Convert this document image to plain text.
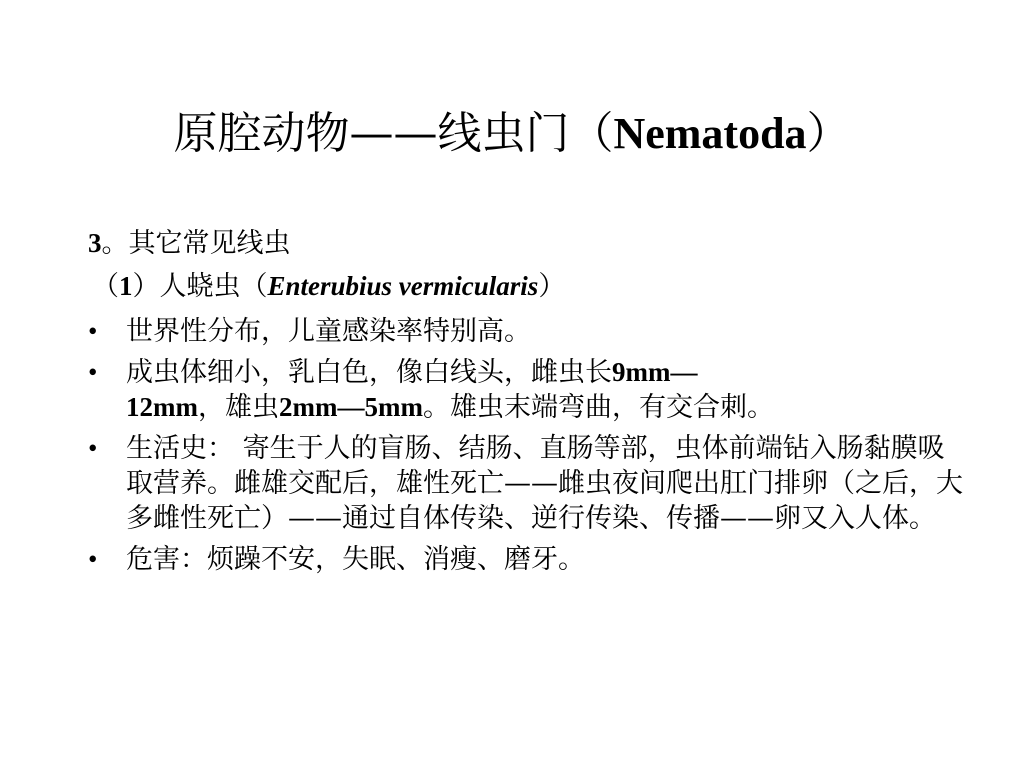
原腔动物——线虫门（Nematoda）
3。其它常见线虫
（1）人蛲虫（Enterubius vermicularis）
• 世界性分布，儿童感染率特别高。
• 成虫体细小，乳白色，像白线头，雌虫长9mm—
12mm，雄虫2mm—5mm。雄虫末端弯曲，有交合刺。
• 生活史： 寄生于人的盲肠、结肠、直肠等部，虫体前端钻入肠黏膜吸取营养。雌雄交配后，雄性死亡——雌虫夜间爬出肛门排卵（之后，大多雌性死亡）——通过自体传染、逆行传染、传播——卵又入人体。
• 危害：烦躁不安，失眠、消瘦、磨牙。
